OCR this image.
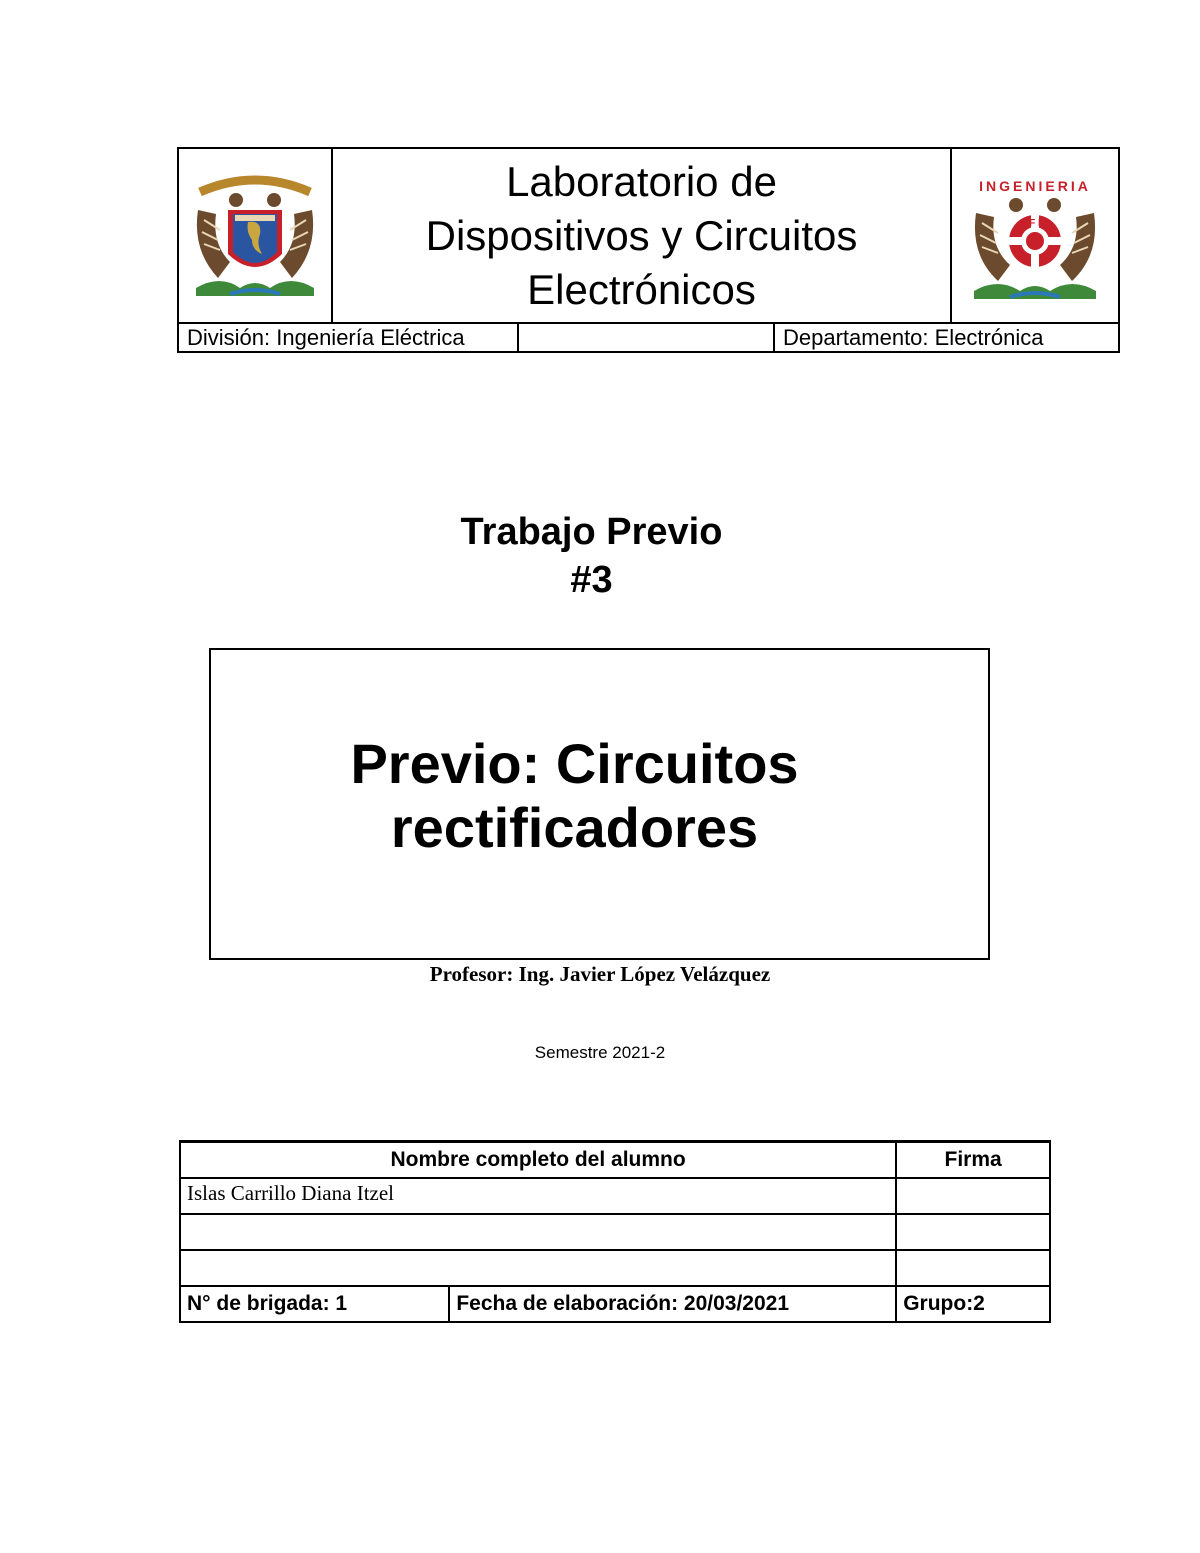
Laboratorio de
Dispositivos y Circuitos
Electrónicos
INGENIERIA
F I
División: Ingeniería Eléctrica	Departamento: Electrónica
Trabajo Previo
#3
Previo: Circuitos
rectificadores
Profesor: Ing. Javier López Velázquez
Semestre 2021-2
Nombre completo del alumno		Firma
Islas Carrillo Diana Itzel		

N° de brigada: 1	Fecha de elaboración: 20/03/2021	Grupo:2
